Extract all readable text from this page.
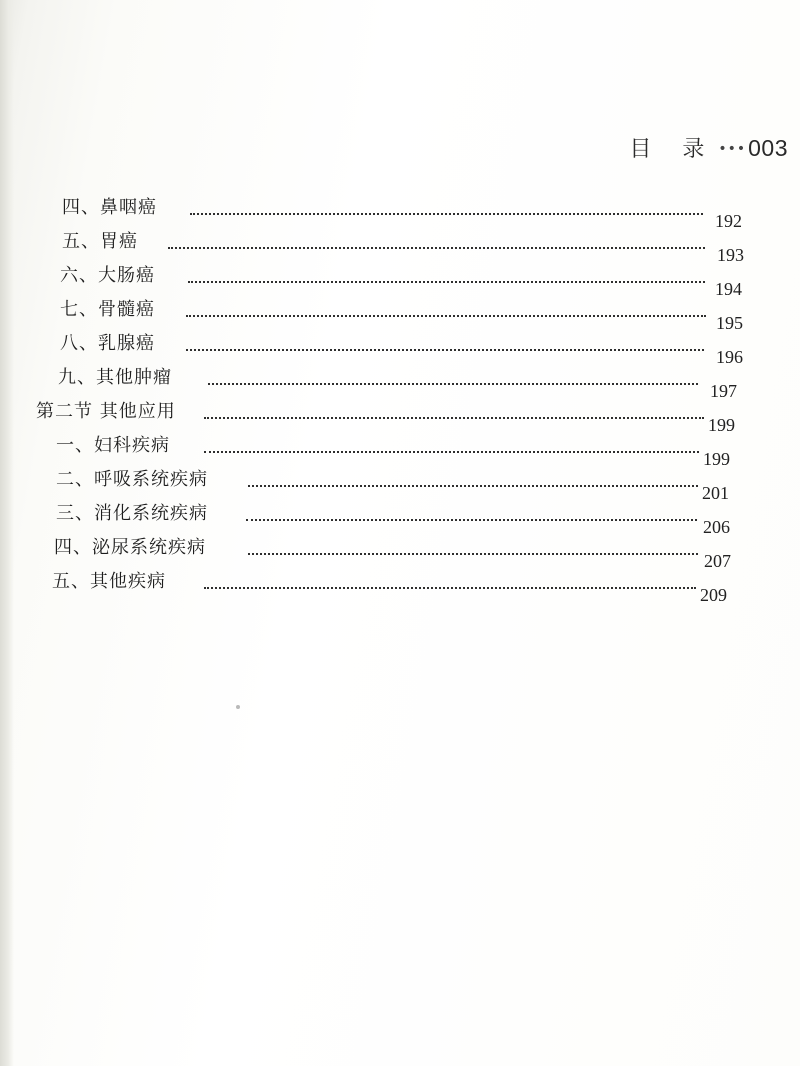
目 录 ••• 003
四、鼻咽癌
192
五、胃癌
193
六、大肠癌
194
七、骨髓癌
195
八、乳腺癌
196
九、其他肿瘤
197
第二节 其他应用
199
一、妇科疾病
199
二、呼吸系统疾病
201
三、消化系统疾病
206
四、泌尿系统疾病
207
五、其他疾病
209
